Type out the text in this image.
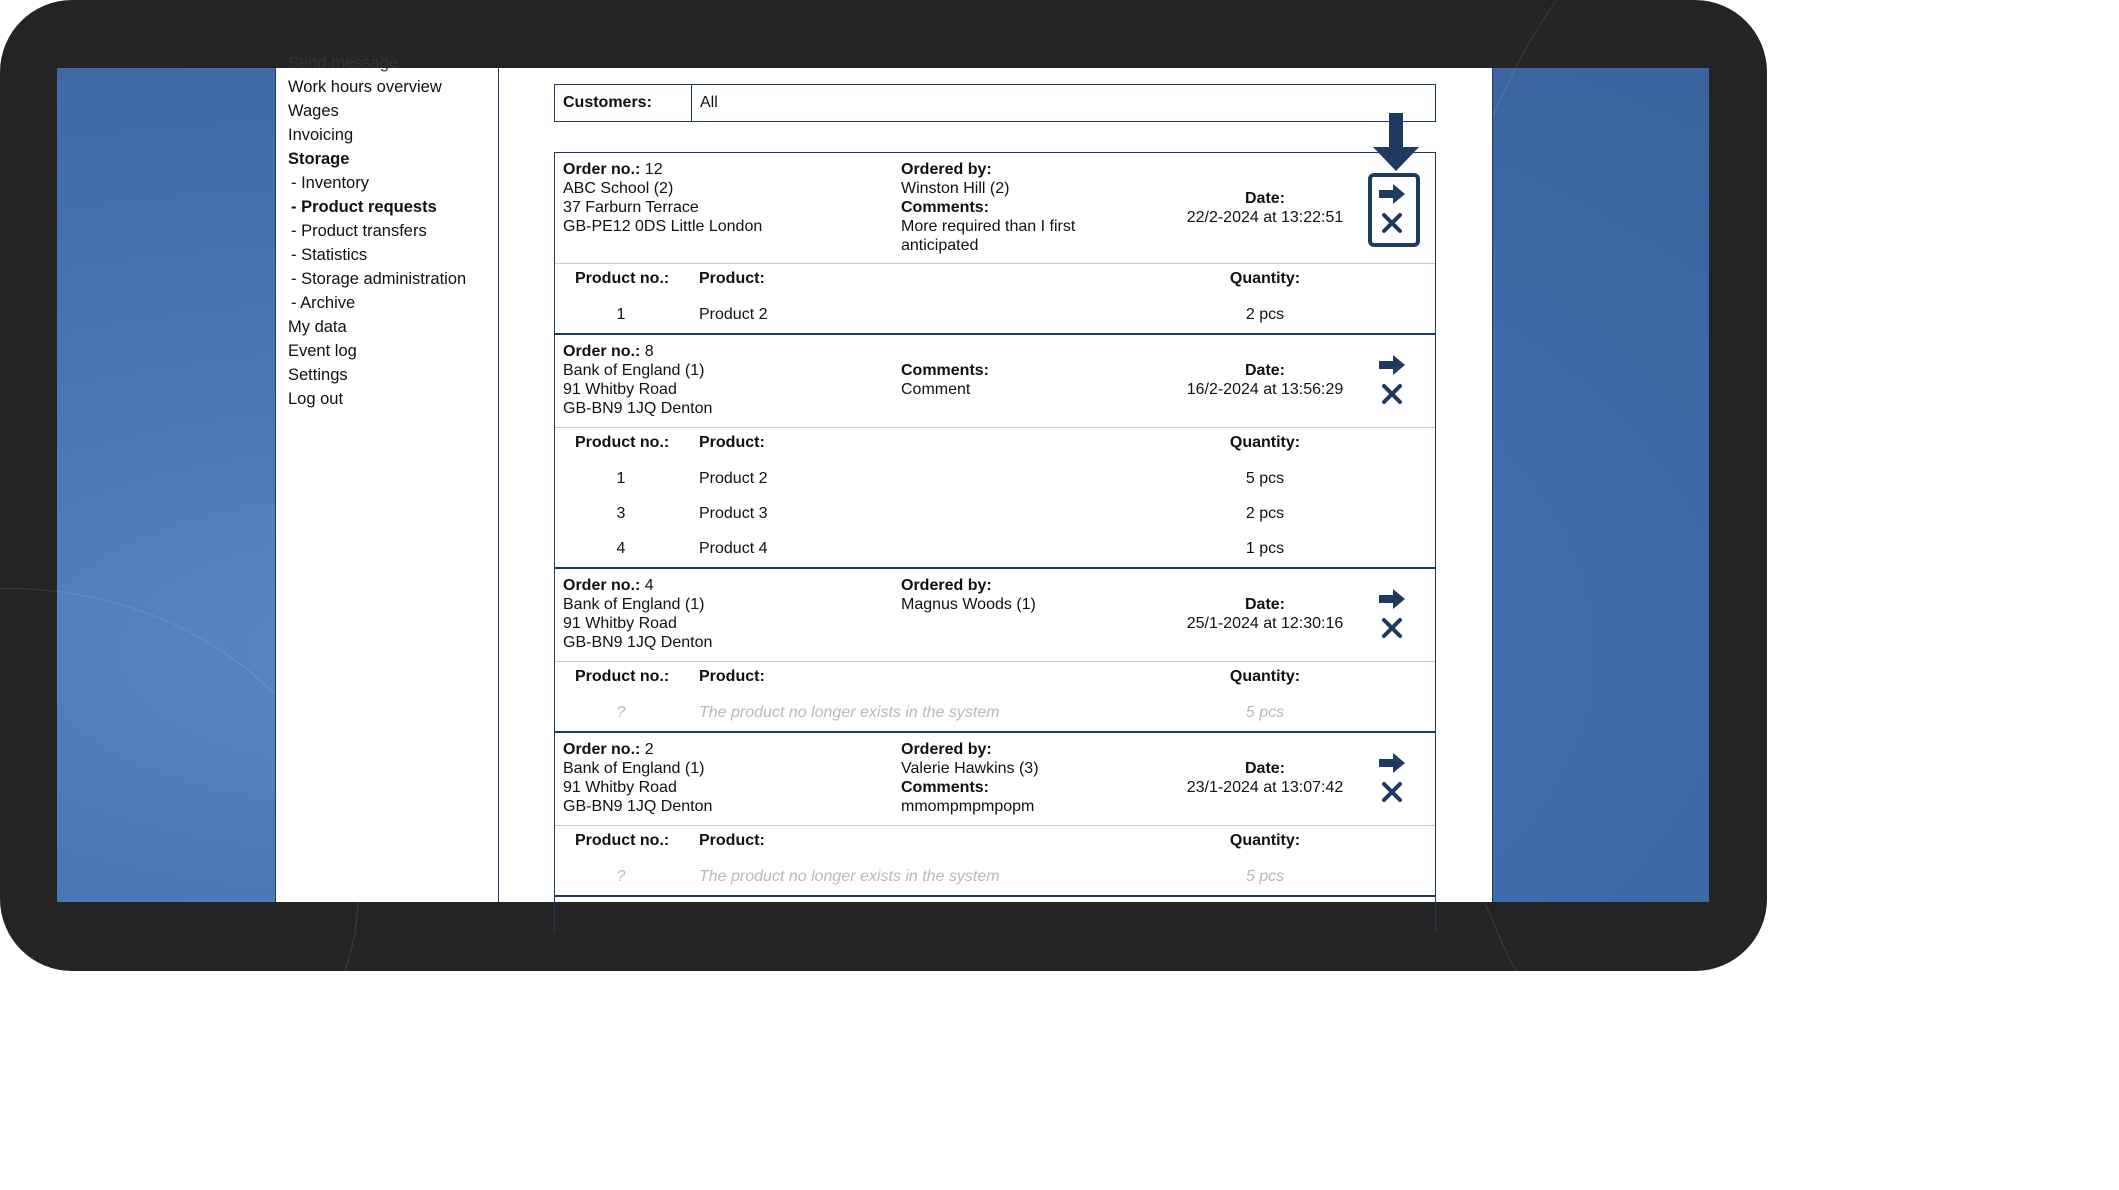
Send message
Work hours overview
Wages
Invoicing
Storage
- Inventory
- Product requests
- Product transfers
- Statistics
- Storage administration
- Archive
My data
Event log
Settings
Log out
Customers:	All
Order no.: 12
ABC School (2)
37 Farburn Terrace
GB-PE12 0DS Little London
Ordered by:
Winston Hill (2)
Comments:
More required than I first
anticipated
Date:
22/2-2024 at 13:22:51
Product no.: Product:	Quantity:
1	Product 2	2 pcs
Order no.: 8
Bank of England (1)
91 Whitby Road
GB-BN9 1JQ Denton
Comments:
Comment
Date:
16/2-2024 at 13:56:29
Product no.: Product:	Quantity:
1	Product 2	5 pcs
3	Product 3	2 pcs
4	Product 4	1 pcs
Order no.: 4
Bank of England (1)
91 Whitby Road
GB-BN9 1JQ Denton
Ordered by:
Magnus Woods (1)	Date:
25/1-2024 at 12:30:16
Product no.: Product:	Quantity:
?	The product no longer exists in the system	5 pcs
Order no.: 2
Bank of England (1)
91 Whitby Road
GB-BN9 1JQ Denton
Ordered by:
Valerie Hawkins (3)
Comments:
mmompmpmpopm
Date:
23/1-2024 at 13:07:42
Product no.: Product:	Quantity:
?	The product no longer exists in the system	5 pcs
